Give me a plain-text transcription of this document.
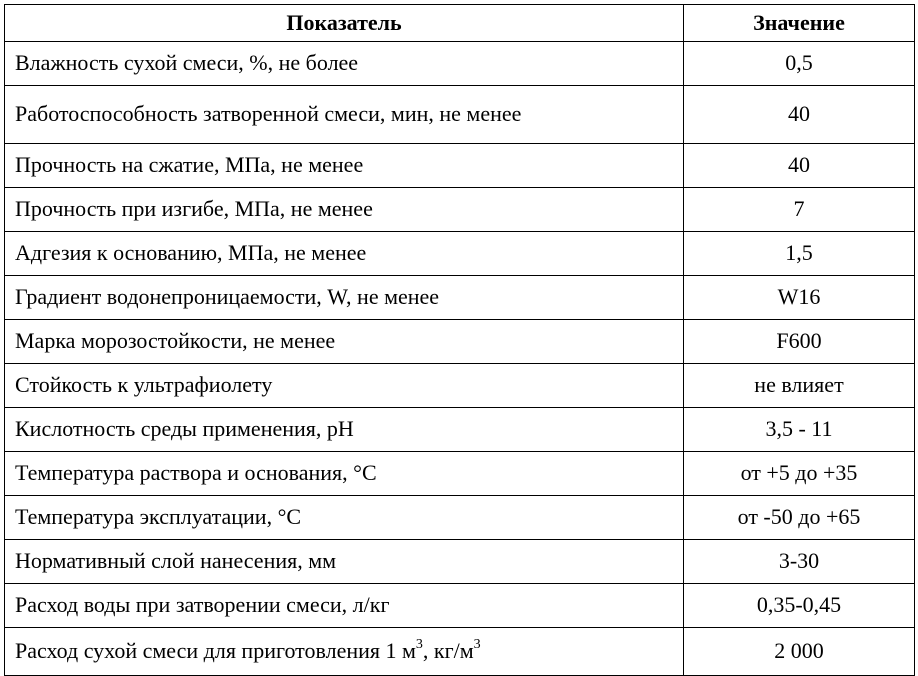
Показатель	Значение
Влажность сухой смеси, %, не более	0,5
Работоспособность затворенной смеси, мин, не менее	40
Прочность на сжатие, МПа, не менее	40
Прочность при изгибе, МПа, не менее	7
Адгезия к основанию, МПа, не менее	1,5
Градиент водонепроницаемости, W, не менее	W16
Марка морозостойкости, не менее	F600
Стойкость к ультрафиолету	не влияет
Кислотность среды применения, pH	3,5 - 11
Температура раствора и основания, °С	от +5 до +35
Температура эксплуатации, °С	от -50 до +65
Нормативный слой нанесения, мм	3-30
Расход воды при затворении смеси, л/кг	0,35-0,45
Расход сухой смеси для приготовления 1 $м^3$, $кг/м^3$	2 000
